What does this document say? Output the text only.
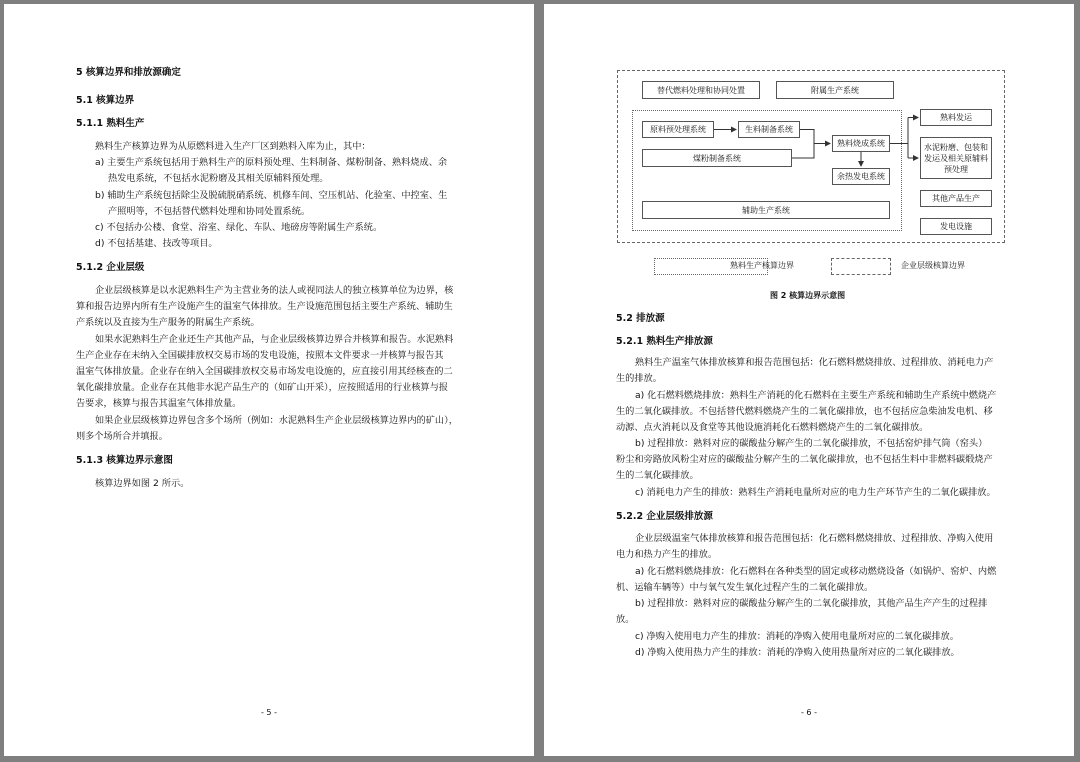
5 核算边界和排放源确定
5.1 核算边界
5.1.1 熟料生产
熟料生产核算边界为从原燃料进入生产厂区到熟料入库为止，其中：
a) 主要生产系统包括用于熟料生产的原料预处理、生料制备、煤粉制备、熟料烧成、余
热发电系统，不包括水泥粉磨及其相关原辅料预处理。
b) 辅助生产系统包括除尘及脱硫脱硝系统、机修车间、空压机站、化验室、中控室、生
产照明等，不包括替代燃料处理和协同处置系统。
c) 不包括办公楼、食堂、浴室、绿化、车队、地磅房等附属生产系统。
d) 不包括基建、技改等项目。
5.1.2 企业层级
企业层级核算是以水泥熟料生产为主营业务的法人或视同法人的独立核算单位为边界，核
算和报告边界内所有生产设施产生的温室气体排放。生产设施范围包括主要生产系统、辅助生
产系统以及直接为生产服务的附属生产系统。
如果水泥熟料生产企业还生产其他产品，与企业层级核算边界合并核算和报告。水泥熟料
生产企业存在未纳入全国碳排放权交易市场的发电设施，按照本文件要求一并核算与报告其
温室气体排放量。企业存在纳入全国碳排放权交易市场发电设施的，应直接引用其经核查的二
氧化碳排放量。企业存在其他非水泥产品生产的（如矿山开采），应按照适用的行业核算与报
告要求，核算与报告其温室气体排放量。
如果企业层级核算边界包含多个场所（例如：水泥熟料生产企业层级核算边界内的矿山），
则多个场所合并填报。
5.1.3 核算边界示意图
核算边界如图 2 所示。
- 5 -
替代燃料处理和协同处置	附属生产系统
原料预处理系统	生料制备系统
煤粉制备系统
熟料烧成系统
余热发电系统
辅助生产系统
熟料发运
水泥粉磨、包装和发运及相关原辅料预处理
其他产品生产
发电设施
熟料生产核算边界	企业层级核算边界
图 2 核算边界示意图
5.2 排放源
5.2.1 熟料生产排放源
熟料生产温室气体排放核算和报告范围包括：化石燃料燃烧排放、过程排放、消耗电力产
生的排放。
a) 化石燃料燃烧排放：熟料生产消耗的化石燃料在主要生产系统和辅助生产系统中燃烧产
生的二氧化碳排放。不包括替代燃料燃烧产生的二氧化碳排放，也不包括应急柴油发电机、移
动源、点火消耗以及食堂等其他设施消耗化石燃料燃烧产生的二氧化碳排放。
b) 过程排放：熟料对应的碳酸盐分解产生的二氧化碳排放，不包括窑炉排气筒（窑头）
粉尘和旁路放风粉尘对应的碳酸盐分解产生的二氧化碳排放，也不包括生料中非燃料碳煅烧产
生的二氧化碳排放。
c) 消耗电力产生的排放：熟料生产消耗电量所对应的电力生产环节产生的二氧化碳排放。
5.2.2 企业层级排放源
企业层级温室气体排放核算和报告范围包括：化石燃料燃烧排放、过程排放、净购入使用
电力和热力产生的排放。
a) 化石燃料燃烧排放：化石燃料在各种类型的固定或移动燃烧设备（如锅炉、窑炉、内燃
机、运输车辆等）中与氧气发生氧化过程产生的二氧化碳排放。
b) 过程排放：熟料对应的碳酸盐分解产生的二氧化碳排放，其他产品生产产生的过程排
放。
c) 净购入使用电力产生的排放：消耗的净购入使用电量所对应的二氧化碳排放。
d) 净购入使用热力产生的排放：消耗的净购入使用热量所对应的二氧化碳排放。
- 6 -
